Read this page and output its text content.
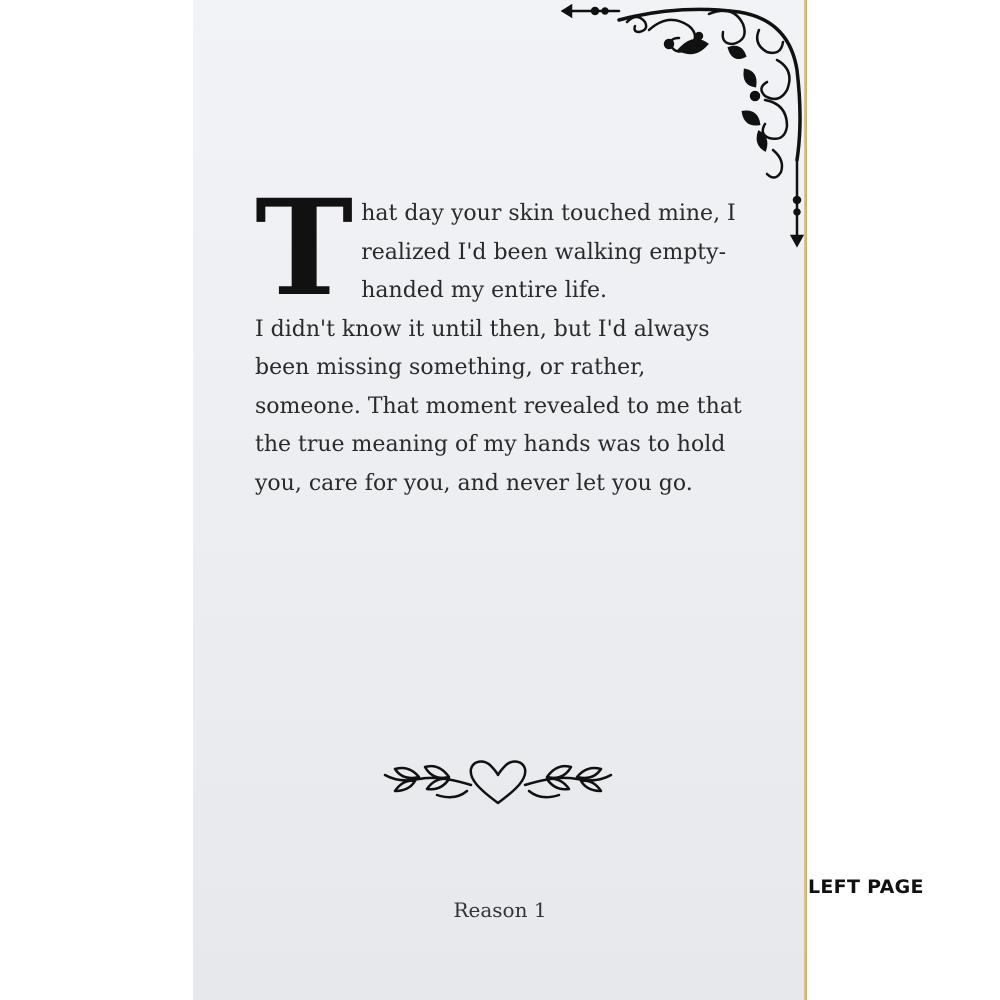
T hat day your skin touched mine, I
realized I'd been walking empty-
handed my entire life.
I didn't know it until then, but I'd always
been missing something, or rather,
someone. That moment revealed to me that
the true meaning of my hands was to hold
you, care for you, and never let you go.
Reason 1
LEFT PAGE
